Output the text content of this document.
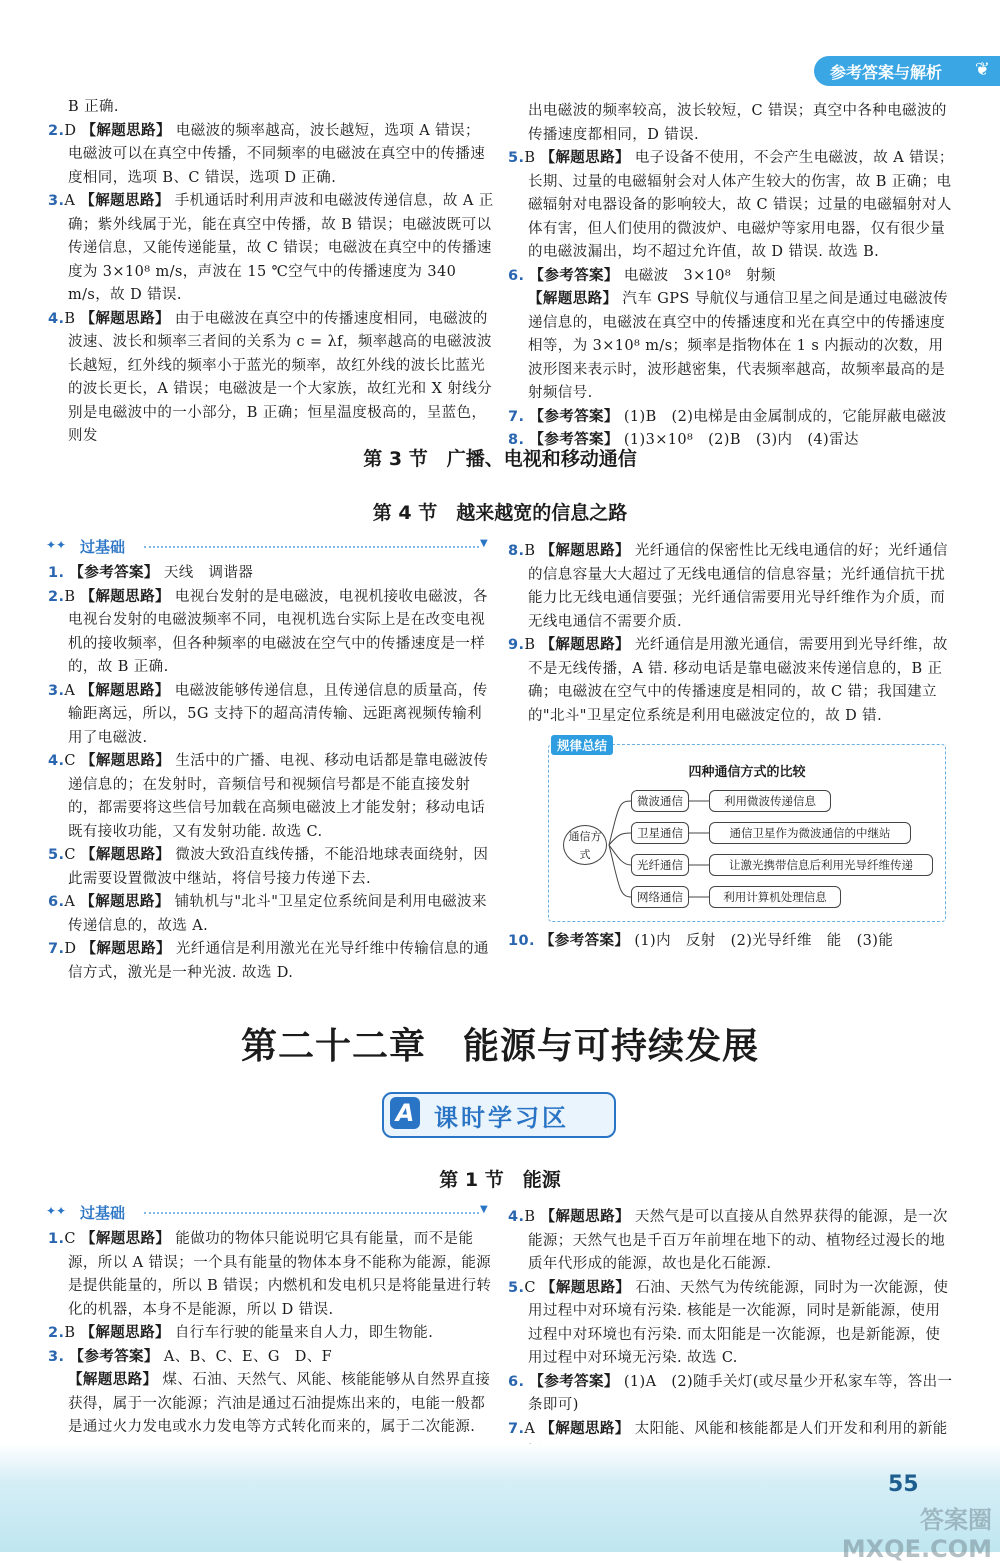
参考答案与解析 ❦

B 正确.

2.D 【解题思路】 电磁波的频率越高，波长越短，选项 A 错误；电磁波可以在真空中传播，不同频率的电磁波在真空中的传播速度相同，选项 B、C 错误，选项 D 正确.

3.A 【解题思路】 手机通话时利用声波和电磁波传递信息，故 A 正确；紫外线属于光，能在真空中传播，故 B 错误；电磁波既可以传递信息，又能传递能量，故 C 错误；电磁波在真空中的传播速度为 3×10⁸ m/s，声波在 15 ℃空气中的传播速度为 340 m/s，故 D 错误.

4.B 【解题思路】 由于电磁波在真空中的传播速度相同，电磁波的波速、波长和频率三者间的关系为 c = λf，频率越高的电磁波波长越短，红外线的频率小于蓝光的频率，故红外线的波长比蓝光的波长更长，A 错误；电磁波是一个大家族，故红光和 X 射线分别是电磁波中的一小部分，B 正确；恒星温度极高的，呈蓝色，则发

出电磁波的频率较高，波长较短，C 错误；真空中各种电磁波的传播速度都相同，D 错误.

5.B 【解题思路】 电子设备不使用，不会产生电磁波，故 A 错误；长期、过量的电磁辐射会对人体产生较大的伤害，故 B 正确；电磁辐射对电器设备的影响较大，故 C 错误；过量的电磁辐射对人体有害，但人们使用的微波炉、电磁炉等家用电器，仅有很少量的电磁波漏出，均不超过允许值，故 D 错误. 故选 B.

6. 【参考答案】 电磁波　3×10⁸　射频

【解题思路】 汽车 GPS 导航仪与通信卫星之间是通过电磁波传递信息的，电磁波在真空中的传播速度和光在真空中的传播速度相等，为 3×10⁸ m/s；频率是指物体在 1 s 内振动的次数，用波形图来表示时，波形越密集，代表频率越高，故频率最高的是射频信号.

7. 【参考答案】 (1)B　(2)电梯是由金属制成的，它能屏蔽电磁波

8. 【参考答案】 (1)3×10⁸　(2)B　(3)内　(4)雷达

第 3 节　广播、电视和移动通信
第 4 节　越来越宽的信息之路
✦✦ 过基础	▼

1. 【参考答案】 天线　调谐器

2.B 【解题思路】 电视台发射的是电磁波，电视机接收电磁波，各电视台发射的电磁波频率不同，电视机选台实际上是在改变电视机的接收频率，但各种频率的电磁波在空气中的传播速度是一样的，故 B 正确.

3.A 【解题思路】 电磁波能够传递信息，且传递信息的质量高，传输距离远，所以，5G 支持下的超高清传输、远距离视频传输利用了电磁波.

4.C 【解题思路】 生活中的广播、电视、移动电话都是靠电磁波传递信息的；在发射时，音频信号和视频信号都是不能直接发射的，都需要将这些信号加载在高频电磁波上才能发射；移动电话既有接收功能，又有发射功能. 故选 C.

5.C 【解题思路】 微波大致沿直线传播，不能沿地球表面绕射，因此需要设置微波中继站，将信号接力传递下去.

6.A 【解题思路】 铺轨机与"北斗"卫星定位系统间是利用电磁波来传递信息的，故选 A.

7.D 【解题思路】 光纤通信是利用激光在光导纤维中传输信息的通信方式，激光是一种光波. 故选 D.

8.B 【解题思路】 光纤通信的保密性比无线电通信的好；光纤通信的信息容量大大超过了无线电通信的信息容量；光纤通信抗干扰能力比无线电通信要强；光纤通信需要用光导纤维作为介质，而无线电通信不需要介质.

9.B 【解题思路】 光纤通信是用激光通信，需要用到光导纤维，故不是无线传播，A 错. 移动电话是靠电磁波来传递信息的，B 正确；电磁波在空气中的传播速度是相同的，故 C 错；我国建立的"北斗"卫星定位系统是利用电磁波定位的，故 D 错.

规律总结
四种通信方式的比较
通信方式
微波通信	利用微波传递信息
卫星通信	通信卫星作为微波通信的中继站
光纤通信	让激光携带信息后利用光导纤维传递
网络通信	利用计算机处理信息

10. 【参考答案】 (1)内　反射　(2)光导纤维　能　(3)能

第二十二章　能源与可持续发展
A 课时学习区
第 1 节　能源
✦✦ 过基础	▼

1.C 【解题思路】 能做功的物体只能说明它具有能量，而不是能源，所以 A 错误；一个具有能量的物体本身不能称为能源，能源是提供能量的，所以 B 错误；内燃机和发电机只是将能量进行转化的机器，本身不是能源，所以 D 错误.

2.B 【解题思路】 自行车行驶的能量来自人力，即生物能.

3. 【参考答案】 A、B、C、E、G　D、F

【解题思路】 煤、石油、天然气、风能、核能能够从自然界直接获得，属于一次能源；汽油是通过石油提炼出来的，电能一般都是通过火力发电或水力发电等方式转化而来的，属于二次能源.

4.B 【解题思路】 天然气是可以直接从自然界获得的能源，是一次能源；天然气也是千百万年前埋在地下的动、植物经过漫长的地质年代形成的能源，故也是化石能源.

5.C 【解题思路】 石油、天然气为传统能源，同时为一次能源，使用过程中对环境有污染. 核能是一次能源，同时是新能源，使用过程中对环境也有污染. 而太阳能是一次能源，也是新能源，使用过程中对环境无污染. 故选 C.

6. 【参考答案】 (1)A　(2)随手关灯(或尽量少开私家车等，答出一条即可)

7.A 【解题思路】 太阳能、风能和核能都是人们开发和利用的新能

55
答案圈 MXQE.COM
